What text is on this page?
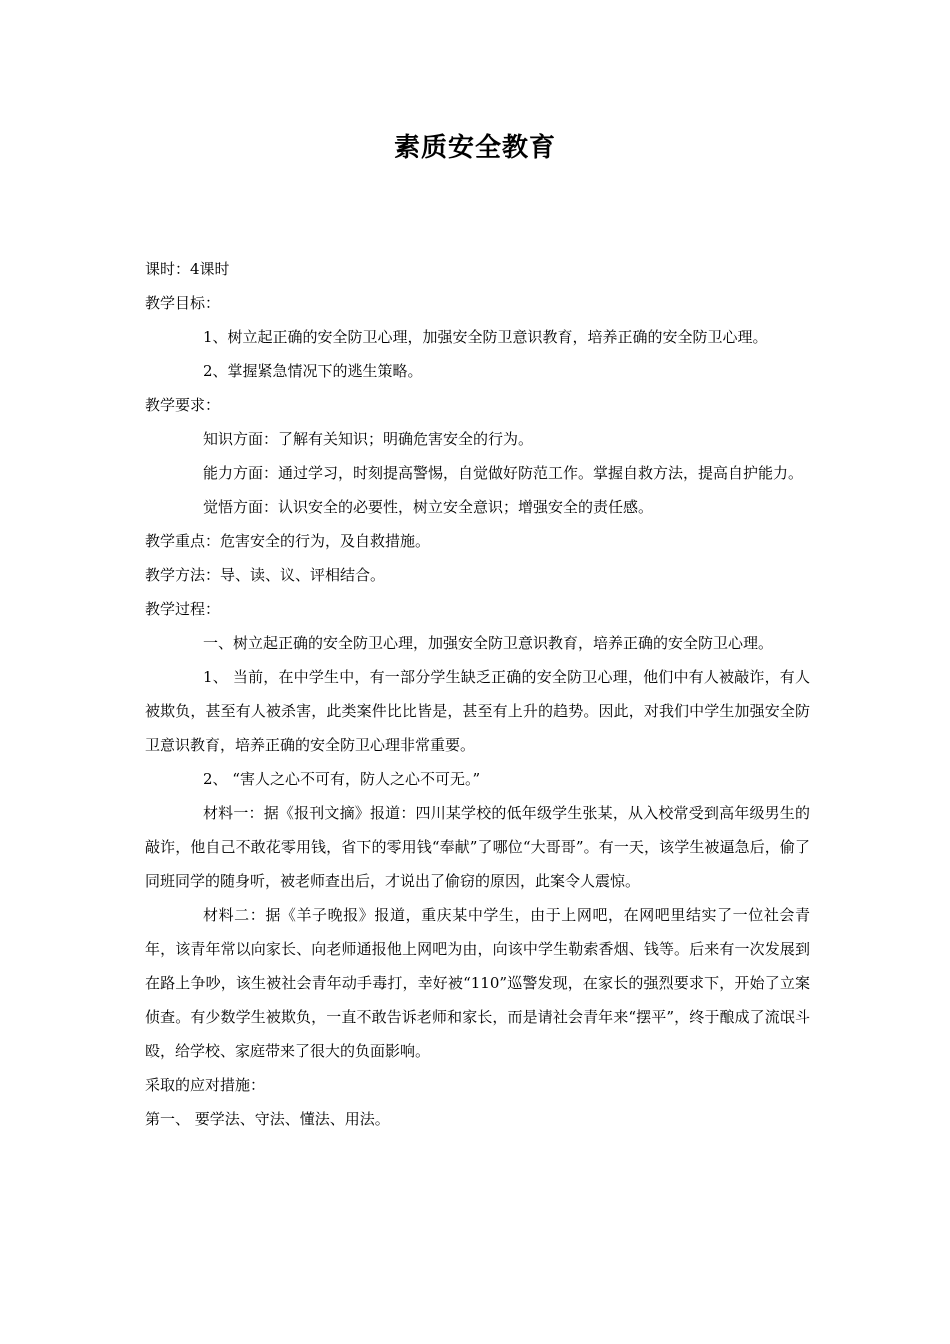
素质安全教育

课时：4课时

教学目标：

1、树立起正确的安全防卫心理，加强安全防卫意识教育，培养正确的安全防卫心理。

2、掌握紧急情况下的逃生策略。

教学要求：

知识方面：了解有关知识；明确危害安全的行为。

能力方面：通过学习，时刻提高警惕，自觉做好防范工作。掌握自救方法，提高自护能力。

觉悟方面：认识安全的必要性，树立安全意识；增强安全的责任感。

教学重点：危害安全的行为，及自救措施。

教学方法：导、读、议、评相结合。

教学过程：

一、树立起正确的安全防卫心理，加强安全防卫意识教育，培养正确的安全防卫心理。

1、 当前，在中学生中，有一部分学生缺乏正确的安全防卫心理，他们中有人被敲诈，有人被欺负，甚至有人被杀害，此类案件比比皆是，甚至有上升的趋势。因此，对我们中学生加强安全防卫意识教育，培养正确的安全防卫心理非常重要。

2、 “害人之心不可有，防人之心不可无。”

材料一：据《报刊文摘》报道：四川某学校的低年级学生张某，从入校常受到高年级男生的敲诈，他自己不敢花零用钱，省下的零用钱“奉献”了哪位“大哥哥”。有一天，该学生被逼急后，偷了同班同学的随身听，被老师查出后，才说出了偷窃的原因，此案令人震惊。

材料二：据《羊子晚报》报道，重庆某中学生，由于上网吧，在网吧里结实了一位社会青年，该青年常以向家长、向老师通报他上网吧为由，向该中学生勒索香烟、钱等。后来有一次发展到在路上争吵，该生被社会青年动手毒打，幸好被“110”巡警发现，在家长的强烈要求下，开始了立案侦查。有少数学生被欺负，一直不敢告诉老师和家长，而是请社会青年来“摆平”，终于酿成了流氓斗殴，给学校、家庭带来了很大的负面影响。

采取的应对措施：

第一、 要学法、守法、懂法、用法。
